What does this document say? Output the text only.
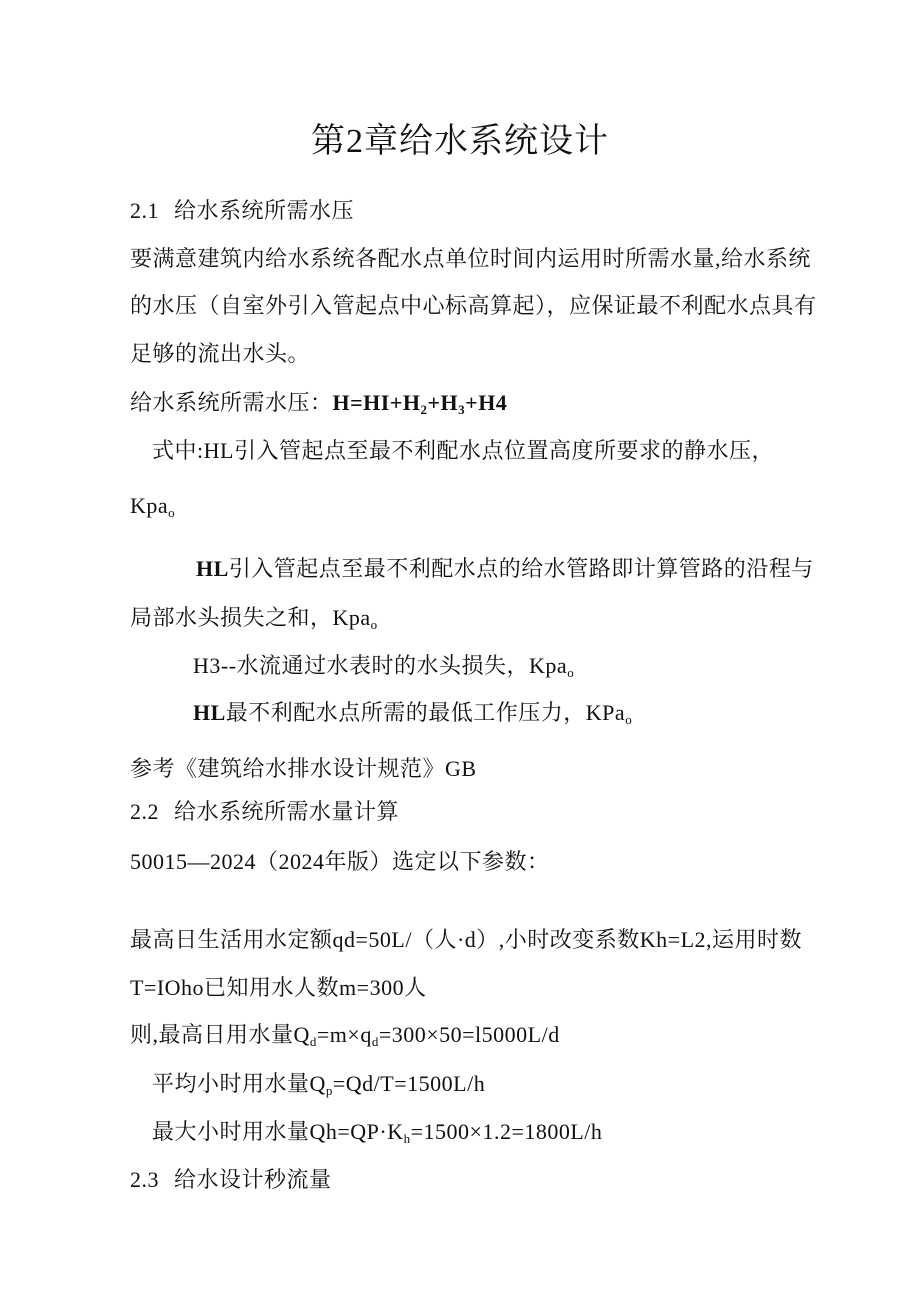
第2章给水系统设计
2.1 给水系统所需水压
要满意建筑内给水系统各配水点单位时间内运用时所需水量,给水系统
的水压（自室外引入管起点中心标高算起），应保证最不利配水点具有
足够的流出水头。
给水系统所需水压：$H=HI+H_2+H_3+H4$
式中:HL引入管起点至最不利配水点位置高度所要求的静水压，
Kpa$_o$
HL引入管起点至最不利配水点的给水管路即计算管路的沿程与
局部水头损失之和，Kpa$_o$
H3--水流通过水表时的水头损失，Kpa$_o$
HL最不利配水点所需的最低工作压力，KPa$_o$
参考《建筑给水排水设计规范》GB
2.2 给水系统所需水量计算
50015—2024（2024年版）选定以下参数：
最高日生活用水定额qd=50L/（人·d）,小时改变系数Kh=L2,运用时数
T=IOho已知用水人数m=300人
则,最高日用水量$Q_d=m\times q_d=300\times 50=l5000L/d$
平均小时用水量$Q_p=Qd/T=1500L/h$
最大小时用水量$Qh=QP\cdot K_h=1500\times 1.2=1800L/h$
2.3 给水设计秒流量
